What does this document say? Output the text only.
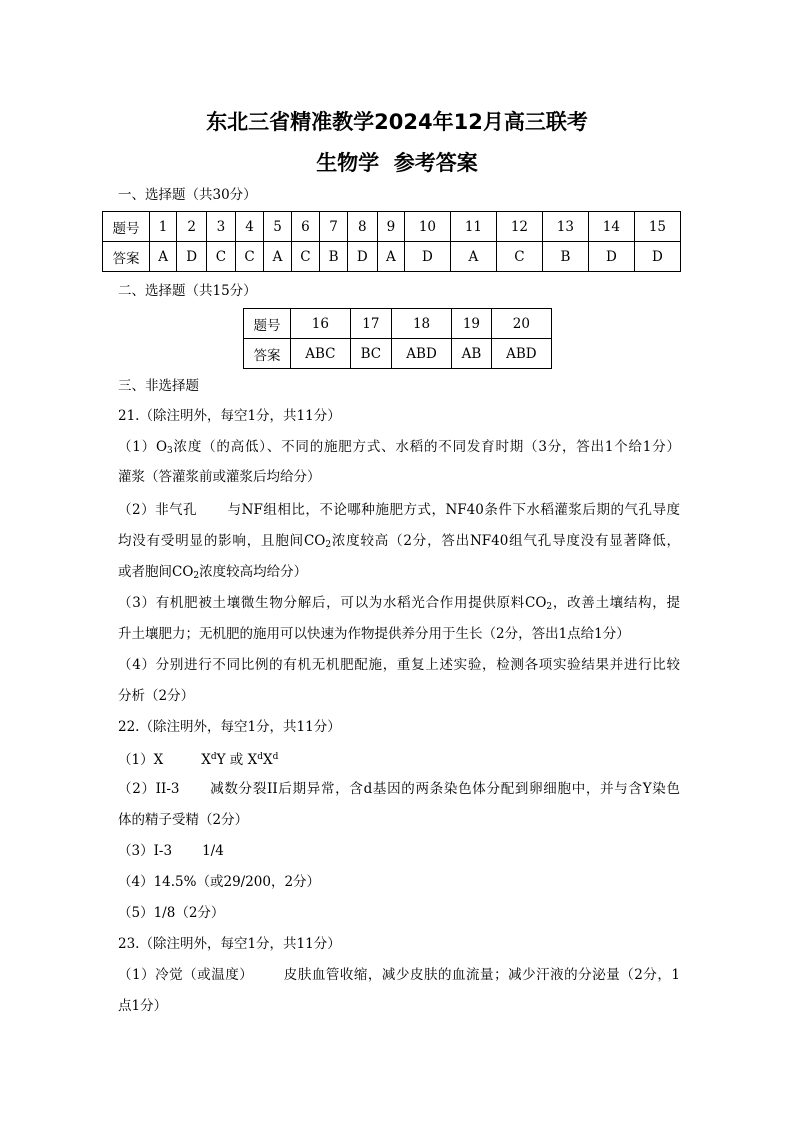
东北三省精准教学2024年12月高三联考
生物学  参考答案
一、选择题（共30分）
题号	1	2	3	4	5	6	7	8	9	10	11	12	13	14	15
答案	A	D	C	C	A	C	B	D	A	D	A	C	B	D	D
二、选择题（共15分）
题号	16	17	18	19	20
答案	ABC	BC	ABD	AB	ABD
三、非选择题
21.（除注明外，每空1分，共11分）
$(1)O_3$浓度（的高低）、不同的施肥方式、水稻的不同发育时期（3分，答出1个给1分）
灌浆（答灌浆前或灌浆后均给分）
（2）非气孔 与NF组相比，不论哪种施肥方式，NF40条件下水稻灌浆后期的气孔导度
均没有受明显的影响，且胞间$CO_2$浓度较高（2分，答出NF40组气孔导度没有显著降低，
或者胞间$CO_2$浓度较高均给分）
（3）有机肥被土壤微生物分解后，可以为水稻光合作用提供原料$CO_2$，改善土壤结构，提
升土壤肥力；无机肥的施用可以快速为作物提供养分用于生长（2分，答出1点给1分）
（4）分别进行不同比例的有机无机肥配施，重复上述实验，检测各项实验结果并进行比较
分析（2分）
22.（除注明外，每空1分，共11分）
（1）X	$X^dY$ 或 $X^dX^d$
（2）II-3 减数分裂II后期异常，含d基因的两条染色体分配到卵细胞中，并与含Y染色
体的精子受精（2分）
（3）I-3 1/4
（4）14.5%（或29/200，2分）
（5）1/8（2分）
23.（除注明外，每空1分，共11分）
（1）冷觉（或温度） 皮肤血管收缩，减少皮肤的血流量；减少汗液的分泌量（2分，1
点1分）
